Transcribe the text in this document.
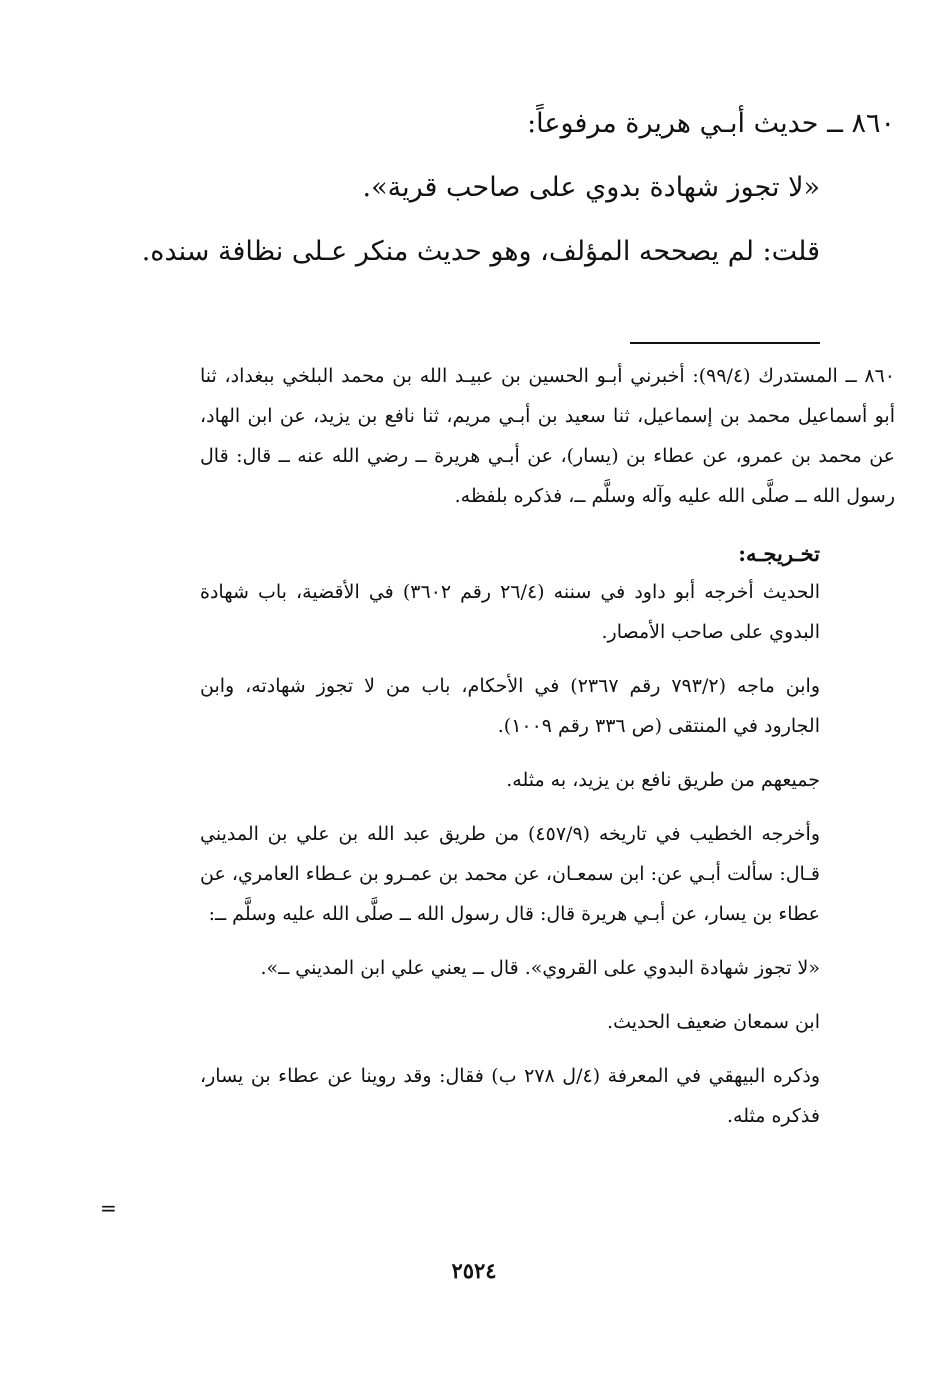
٨٦٠ ــ حديث أبـي هريرة مرفوعاً:

«لا تجوز شهادة بدوي على صاحب قرية».

قلت: لم يصححه المؤلف، وهو حديث منكر عـلى نظافة سنده.

٨٦٠ ــ المستدرك (٩٩/٤): أخبرني أبـو الحسين بن عبيـد الله بن محمد البلخي ببغداد، ثنا أبو أسماعيل محمد بن إسماعيل، ثنا سعيد بن أبـي مريم، ثنا نافع بن يزيد، عن ابن الهاد، عن محمد بن عمرو، عن عطاء بن (يسار)، عن أبـي هريرة ــ رضي الله عنه ــ قال: قال رسول الله ــ صلَّى الله عليه وآله وسلَّم ــ، فذكره بلفظه.

تخـريجـه:

الحديث أخرجه أبو داود في سننه (٢٦/٤ رقم ٣٦٠٢) في الأقضية، باب شهادة البدوي على صاحب الأمصار.

وابن ماجه (٧٩٣/٢ رقم ٢٣٦٧) في الأحكام، باب من لا تجوز شهادته، وابن الجارود في المنتقى (ص ٣٣٦ رقم ١٠٠٩).

جميعهم من طريق نافع بن يزيد، به مثله.

وأخرجه الخطيب في تاريخه (٤٥٧/٩) من طريق عبد الله بن علي بن المديني قـال: سألت أبـي عن: ابن سمعـان، عن محمد بن عمـرو بن عـطاء العامري، عن عطاء بن يسار، عن أبـي هريرة قال: قال رسول الله ــ صلَّى الله عليه وسلَّم ــ:

«لا تجوز شهادة البدوي على القروي». قال ــ يعني علي ابن المديني ــ».

ابن سمعان ضعيف الحديث.

وذكره البيهقي في المعرفة (٤/ل ٢٧٨ ب) فقال: وقد روينا عن عطاء بن يسار، فذكره مثله.

=
٢٥٢٤
